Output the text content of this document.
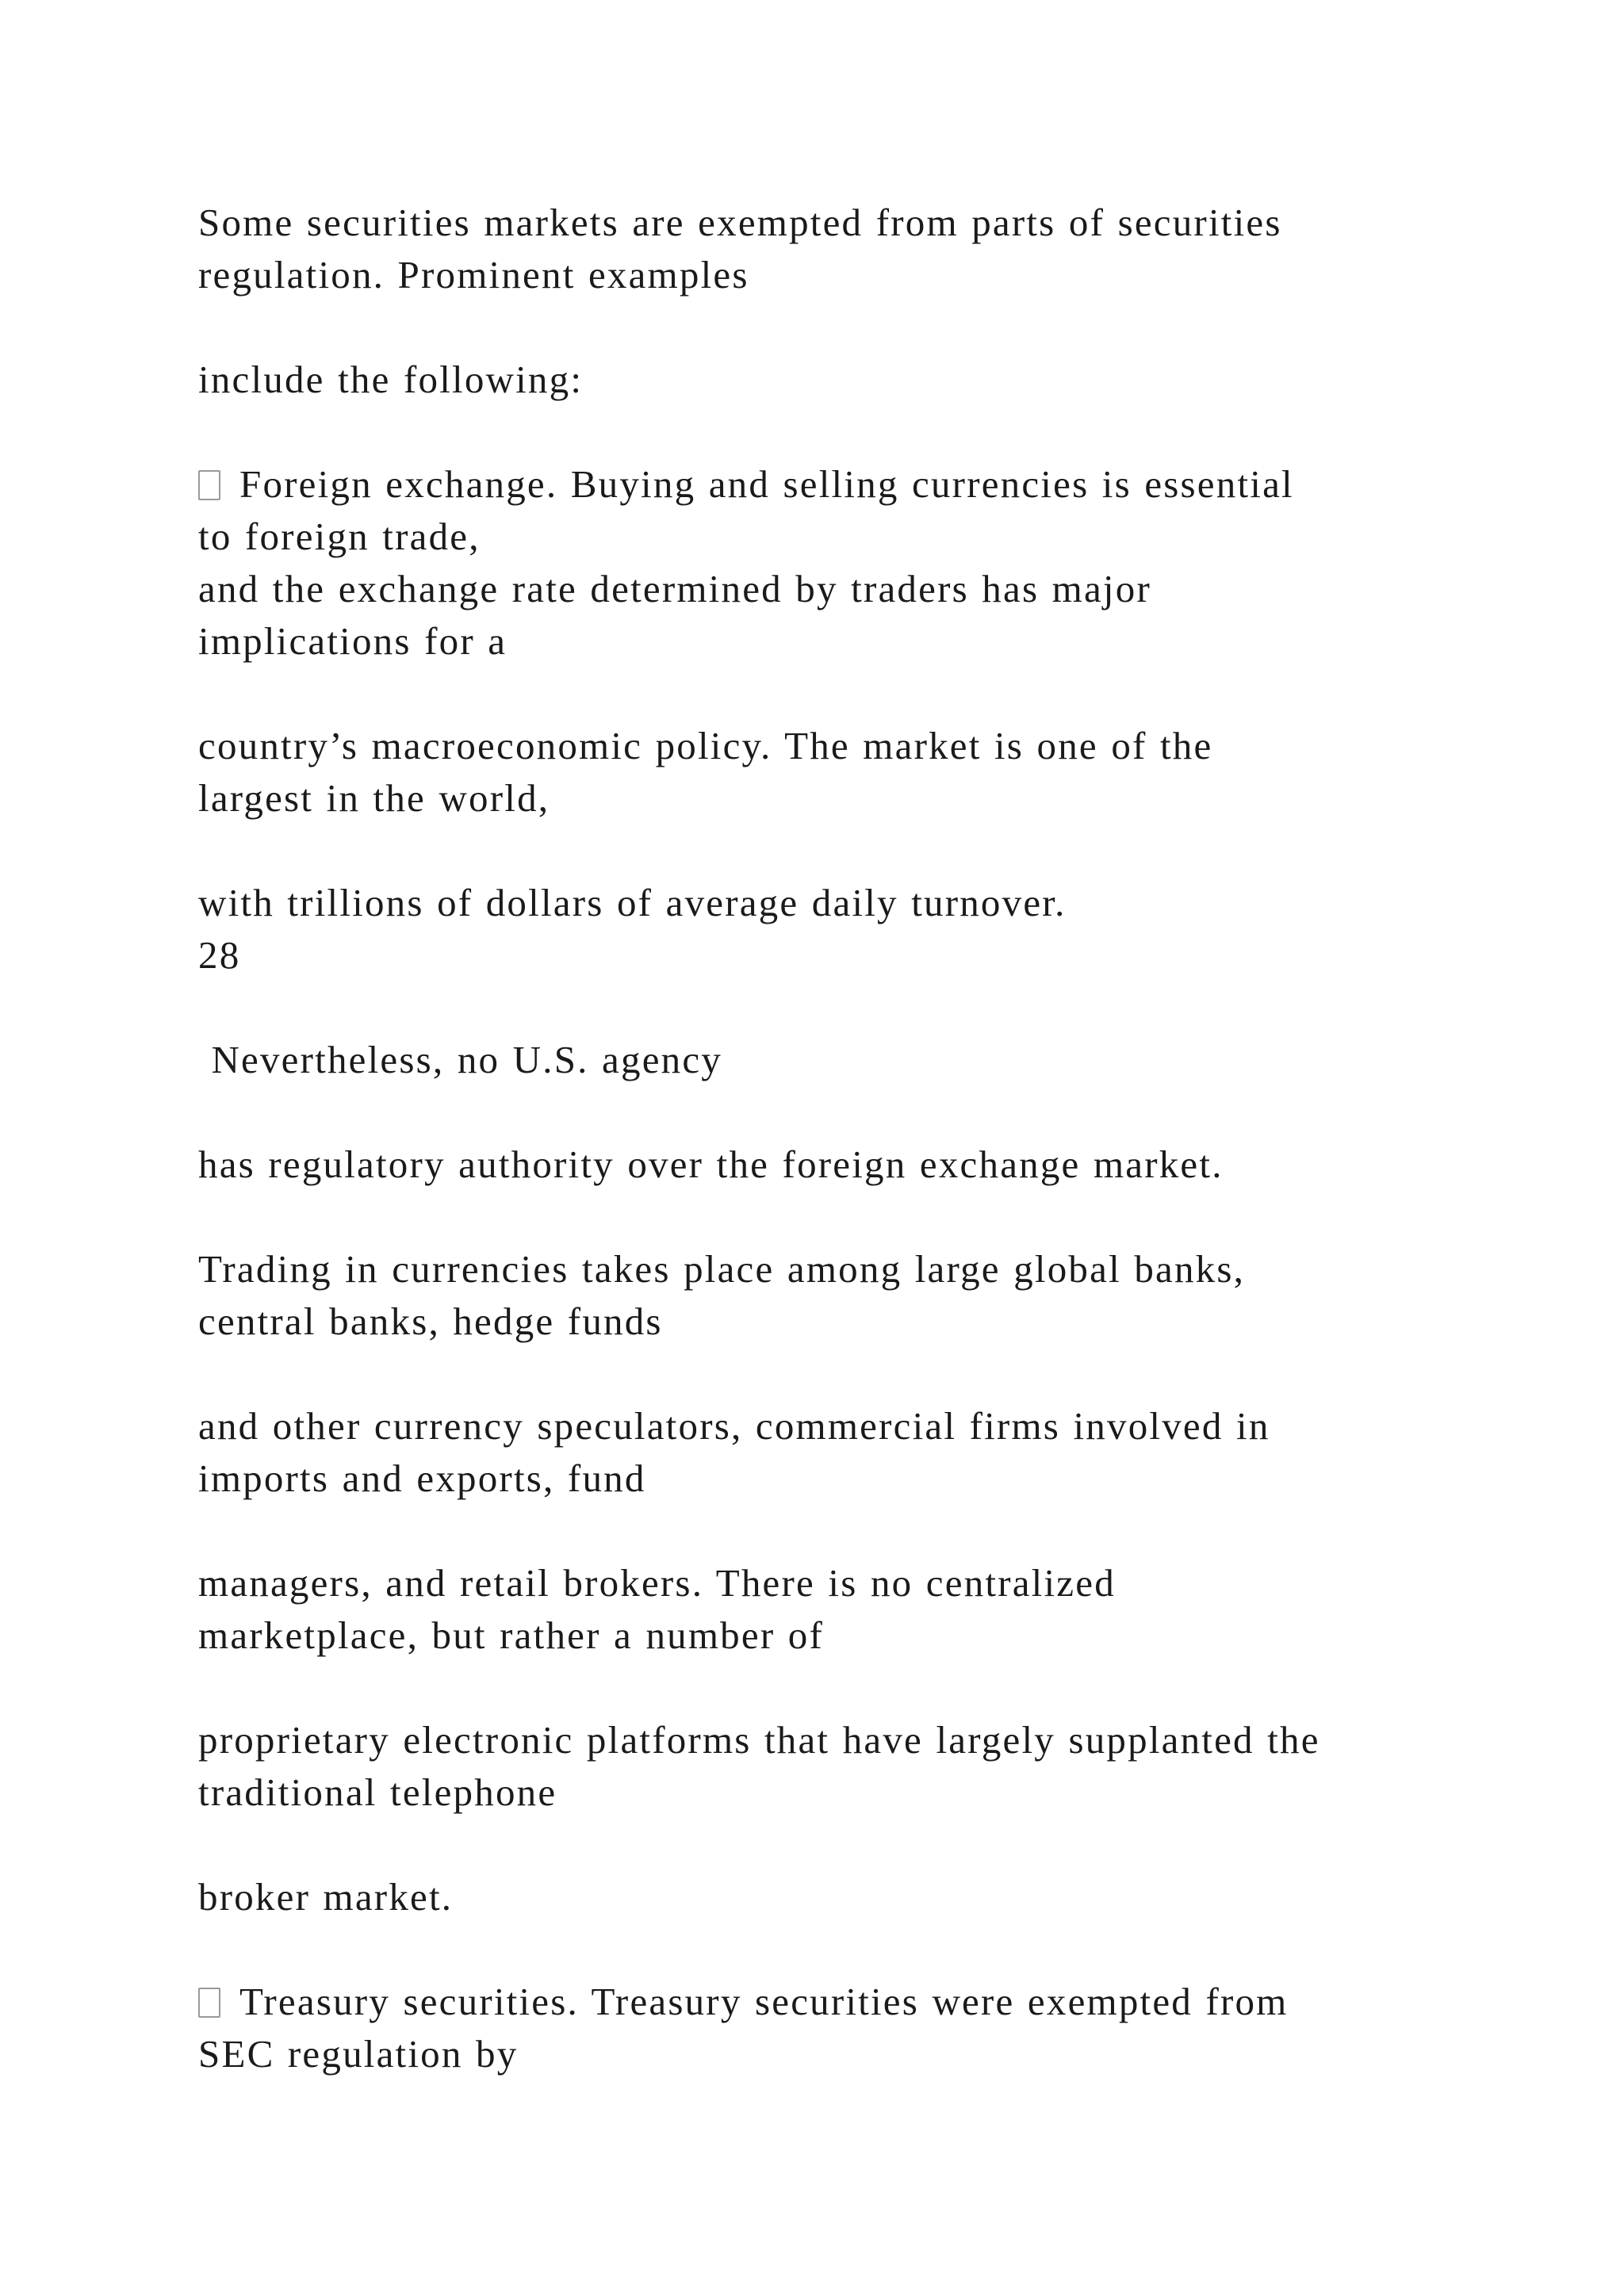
Some securities markets are exempted from parts of securities
regulation. Prominent examples
include the following:
Foreign exchange. Buying and selling currencies is essential
to foreign trade,
and the exchange rate determined by traders has major
implications for a
country’s macroeconomic policy. The market is one of the
largest in the world,
with trillions of dollars of average daily turnover.
28
Nevertheless, no U.S. agency
has regulatory authority over the foreign exchange market.
Trading in currencies takes place among large global banks,
central banks, hedge funds
and other currency speculators, commercial firms involved in
imports and exports, fund
managers, and retail brokers. There is no centralized
marketplace, but rather a number of
proprietary electronic platforms that have largely supplanted the
traditional telephone
broker market.
Treasury securities. Treasury securities were exempted from
SEC regulation by
